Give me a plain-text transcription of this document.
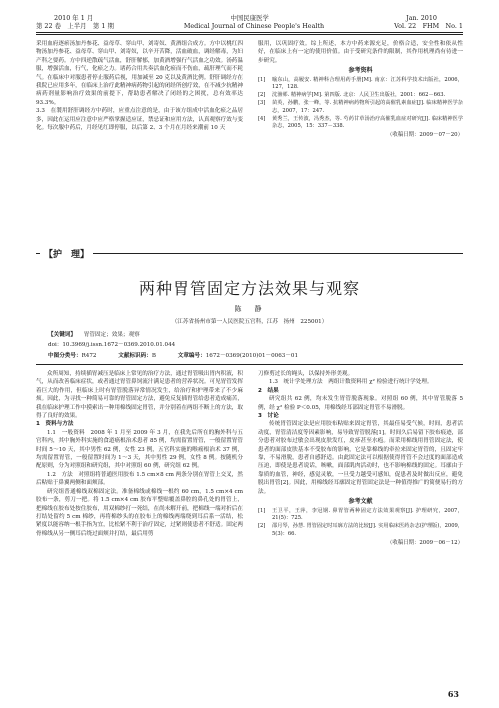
2010 年 1 月	中国民康医学	Jan. 2010
第 22 卷　上半月　第 1 期	Medical Journal of Chinese People's Health	Vol. 22　FHM　No. 1

采用血府逐瘀汤加丹参花、益母草、穿山甲、刘寄奴、黄酒组合成方。方中以桃红四物汤加丹参花、益母草、穿山甲、刘寄奴，以辛开苦降，活血破血，调经解毒，为妇产科之要药。方中四逆散疏气活血，舒肝解郁，加黄酒增强行气活血之功效。汤药温服，增强活血，行气，化瘀之力。诸药合用共奏活血化瘀而不伤血，疏肝理气而不耗气。在临床中对服患者停止服药后视，用加减至 20 克以及黄酒比例。舒肝调经方在我院已应用多年，在临床上治疗此精神病药物引起的闭经所创疗效，在不减少抗精神病药剂量影响治疗效果的前提下，帮助患者解决了闭经的之困扰，总有效率达 93.3%。

3.3　在製用舒肝调经方中药时，应重点注意的是，由于该方组成中活血化瘀之品居多，因此在运用应注意中应严格掌握适应证，禁忌证和应用方法，认真观察疗效与变化。每次服中药后，月经见红即停服，以后第 2、3 个月在月经来潮前 10 天

服用，以巩固疗效。综上所述，本方中药来源充足，价格合适，安全性和依从性好，在临床上有一定的使用价值。由于受研究条件的限制，其作用机理尚有待进一步研究。

参考资料
[1]	喻东山，高履安. 精神科合理用药手册[M]. 南京：江苏科学技术出版社，2006，127，128.
[2]	沈渔邨. 精神病学[M]. 第四版. 北京：人民卫生出版社，2001：662－663.
[3]	苗英，孙鹏，张一峰，等. 抗精神病药物所引起的高催乳素血症[J]. 临床精神医学杂志，2007，17：247.
[4]	黄秀兰，王传波，冯秀杰，等. 芍药甘草汤治疗高催乳血症对研究[J]. 临床精神医学杂志，2005，15：337－338.
（收稿日期：2009－07－20）
【护　理】
两种胃管固定方法效果与观察
陈　静
（江苏省扬州市第一人民医院五官科，江苏　扬州　225001）
【关键词】 胃管固定；效果；观察
doi：10.3969/j.issn.1672－0369.2010.01.044
中图分类号：R472	文献标识码：B	文章编号：1672－0369(2010)01－0063－01

众所周知，持续插胃减压是临床上常见的治疗方法，通过胃管吸出胃内积液，积气，从而改善临床症状，或者通过胃管鼻饲流汁满足患者的营养状况。可见胃管发挥着巨大的作用，但临床上时有胃管脱落异常情况发生，给治疗和护理带来了不少麻烦。因此，为寻找一种简易可靠的胃管固定方法，避免反复插胃管给患者造成痛苦，我在临床护理工作中摸索出一种用棉线固定胃管，并分别着在两组不断上的方法，取得了良好的效果。

1　资料与方法

1.1　一般资料　2008 年 1 月至 2009 年 3 月，在我先后所在的胸外科与五官科内，其中胸外科实施的食道癌根治术患者 85 例，均需留置胃管，一般留置胃管时间 5～10 天，其中男性 62 例，女性 23 例，五官科实施的喉癌根治术 37 例，均需留置胃管，一般留置时间为 1～3 天，其中男性 29 例，女性 8 例。按随机分配原则，分为对照组和研究组，其中对照组 60 例，研究组 62 例。

1.2　方法　对照组将普通医用胶布 1.5 cm×8 cm 两条分别在胃管上交叉，然后粘贴于鼻翼两侧和面颊部。

研究组普通棉线双棉固定法。准备棉线或棉线一根约 60 cm，1.5 cm×4 cm 胶布一条，剪刀一把。将 1.5 cm×4 cm 胶布平整贴覆盖鼻腔的鼻孔处的胃管上，把棉线在胶布处按住胶布，用双棉纱打一死结，在尚未解开前，把棉线一端对折后在打结处留约 5 cm 棉纱，再将棉纱头的在胶布上的棉线两端绕到耳后系一活结，松紧度以能容纳一根手指为宜，比松紧不利于治疗固定，过紧则使患者不舒适。固定两骨棉线从另一侧耳后绕过面颊并打结，最后用剪

刀修剪过长的绳头，以保持外形美观。

1.3　统计学处理方法　两组计数资料用 χ² 检验进行统计学处理。

2　结果

研究组共 62 例，均未发生胃管脱落现象。对照组 60 例，其中胃管脱落 5 例，经 χ² 检验 P＜0.05，用棉线经耳部固定胃管不易滑脱。

3　讨论

传统胃管固定法是应用胶布粘贴来固定胃管，其最佳易受气候，时间，患者活动度，胃管清洁度等因素影响，易导致胃管脱落[1]。时间久后易留下胶布痕迹，部分患者对胶布过敏会出现皮肤发红，皮疹甚至水疱。而采用棉线用胃管固定法，使患者的面部皮肤基本不受胶布的影响，它是靠棉线的牵拉来固定胃管的，且固定牢靠，不易滑脱，患者自感舒适。由此固定法可以根据使得胃管不会过度的面部造成压迫，即使是患者说话，咳嗽，面部肌肉活动时，也不影响棉线的固定。耳廓由于靠质的血管，神经，感觉灵敏，一旦受力越受可感知，促患者及时做出反应，避免脱出胃管[2]。因此，用棉线经耳廓固定胃管固定法是一种值得推广的简便易行的方法。

参考文献
[1]	王卫平，王萍，李冠钢. 鼻胃管两种固定方法效果观察[J]. 护理研究，2007，21(5)：725.
[2]	邵月琴，孙慧. 胃管固定时耳廓方法的比较[J]. 实用临床医药杂志(护理版)，2009，5(3)：66.
（收稿日期：2009－06－12）
63
